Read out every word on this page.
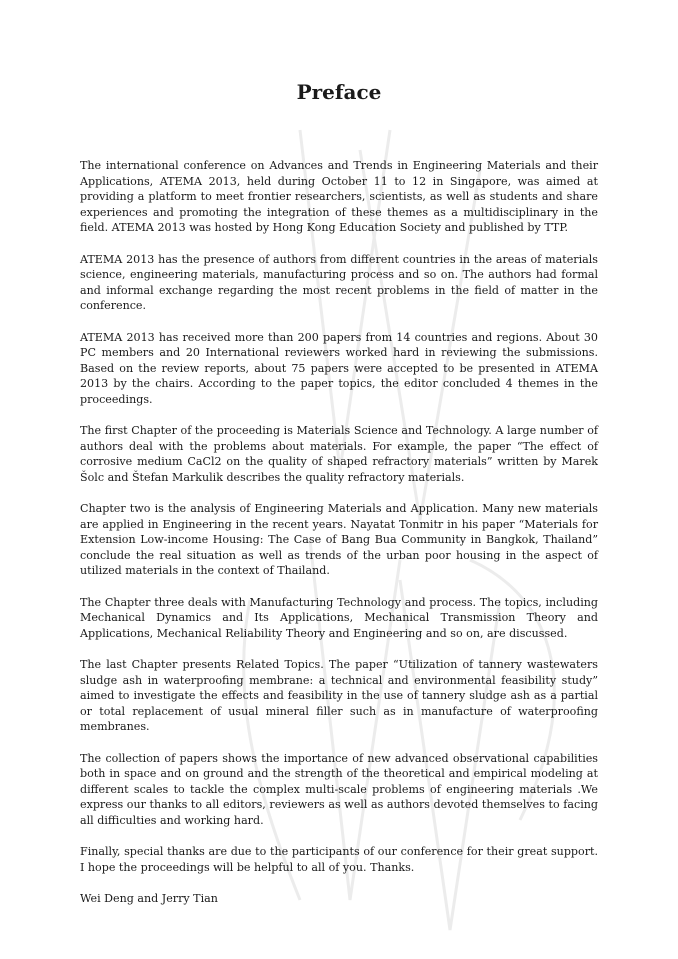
Preface

The international conference on Advances and Trends in Engineering Materials and their Applications, ATEMA 2013, held during October 11 to 12 in Singapore, was aimed at providing a platform to meet frontier researchers, scientists, as well as students and share experiences and promoting the integration of these themes as a multidisciplinary in the field. ATEMA 2013 was hosted by Hong Kong Education Society and published by TTP.

ATEMA 2013 has the presence of authors from different countries in the areas of materials science, engineering materials, manufacturing process and so on. The authors had formal and informal exchange regarding the most recent problems in the field of matter in the conference.

ATEMA 2013 has received more than 200 papers from 14 countries and regions. About 30 PC members and 20 International reviewers worked hard in reviewing the submissions. Based on the review reports, about 75 papers were accepted to be presented in ATEMA 2013 by the chairs. According to the paper topics, the editor concluded 4 themes in the proceedings.

The first Chapter of the proceeding is Materials Science and Technology. A large number of authors deal with the problems about materials. For example, the paper “The effect of corrosive medium CaCl2 on the quality of shaped refractory materials” written by Marek Šolc and Štefan Markulik describes the quality refractory materials.

Chapter two is the analysis of Engineering Materials and Application. Many new materials are applied in Engineering in the recent years. Nayatat Tonmitr in his paper “Materials for Extension Low-income Housing: The Case of Bang Bua Community in Bangkok, Thailand” conclude the real situation as well as trends of the urban poor housing in the aspect of utilized materials in the context of Thailand.

The Chapter three deals with Manufacturing Technology and process. The topics, including Mechanical Dynamics and Its Applications, Mechanical Transmission Theory and Applications, Mechanical Reliability Theory and Engineering and so on, are discussed.

The last Chapter presents Related Topics. The paper “Utilization of tannery wastewaters sludge ash in waterproofing membrane: a technical and environmental feasibility study” aimed to investigate the effects and feasibility in the use of tannery sludge ash as a partial or total replacement of usual mineral filler such as in manufacture of waterproofing membranes.

The collection of papers shows the importance of new advanced observational capabilities both in space and on ground and the strength of the theoretical and empirical modeling at different scales to tackle the complex multi-scale problems of engineering materials .We express our thanks to all editors, reviewers as well as authors devoted themselves to facing all difficulties and working hard.

Finally, special thanks are due to the participants of our conference for their great support. I hope the proceedings will be helpful to all of you. Thanks.

Wei Deng and Jerry Tian
